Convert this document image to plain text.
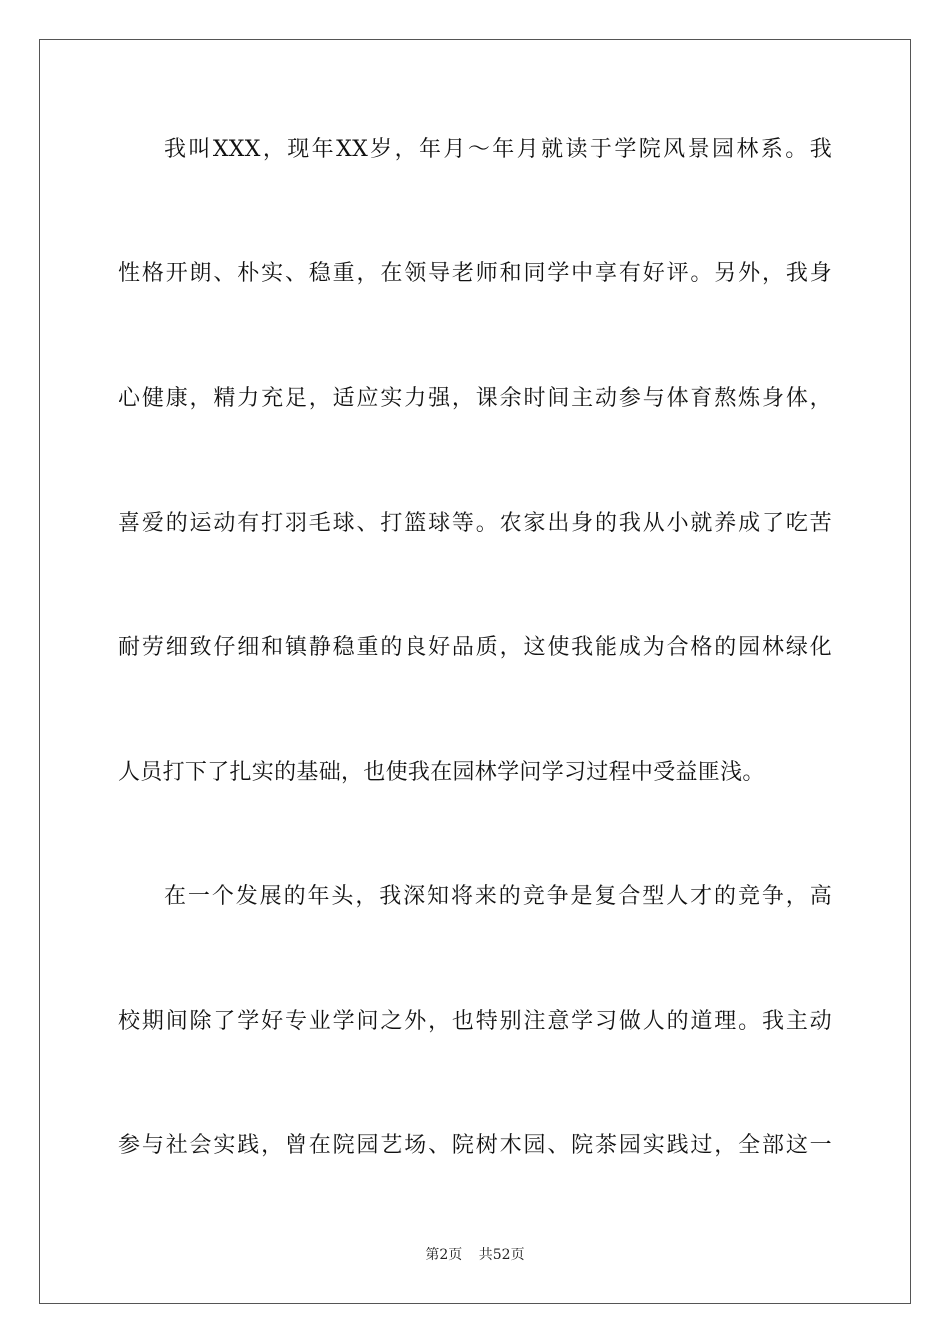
我叫XXX，现年XX岁，年月～年月就读于学院风景园林系。我
性格开朗、朴实、稳重，在领导老师和同学中享有好评。另外，我身
心健康，精力充足，适应实力强，课余时间主动参与体育熬炼身体，
喜爱的运动有打羽毛球、打篮球等。农家出身的我从小就养成了吃苦
耐劳细致仔细和镇静稳重的良好品质，这使我能成为合格的园林绿化
人员打下了扎实的基础，也使我在园林学问学习过程中受益匪浅。
在一个发展的年头，我深知将来的竞争是复合型人才的竞争，高
校期间除了学好专业学问之外，也特别注意学习做人的道理。我主动
参与社会实践，曾在院园艺场、院树木园、院茶园实践过，全部这一
第2页 共52页
